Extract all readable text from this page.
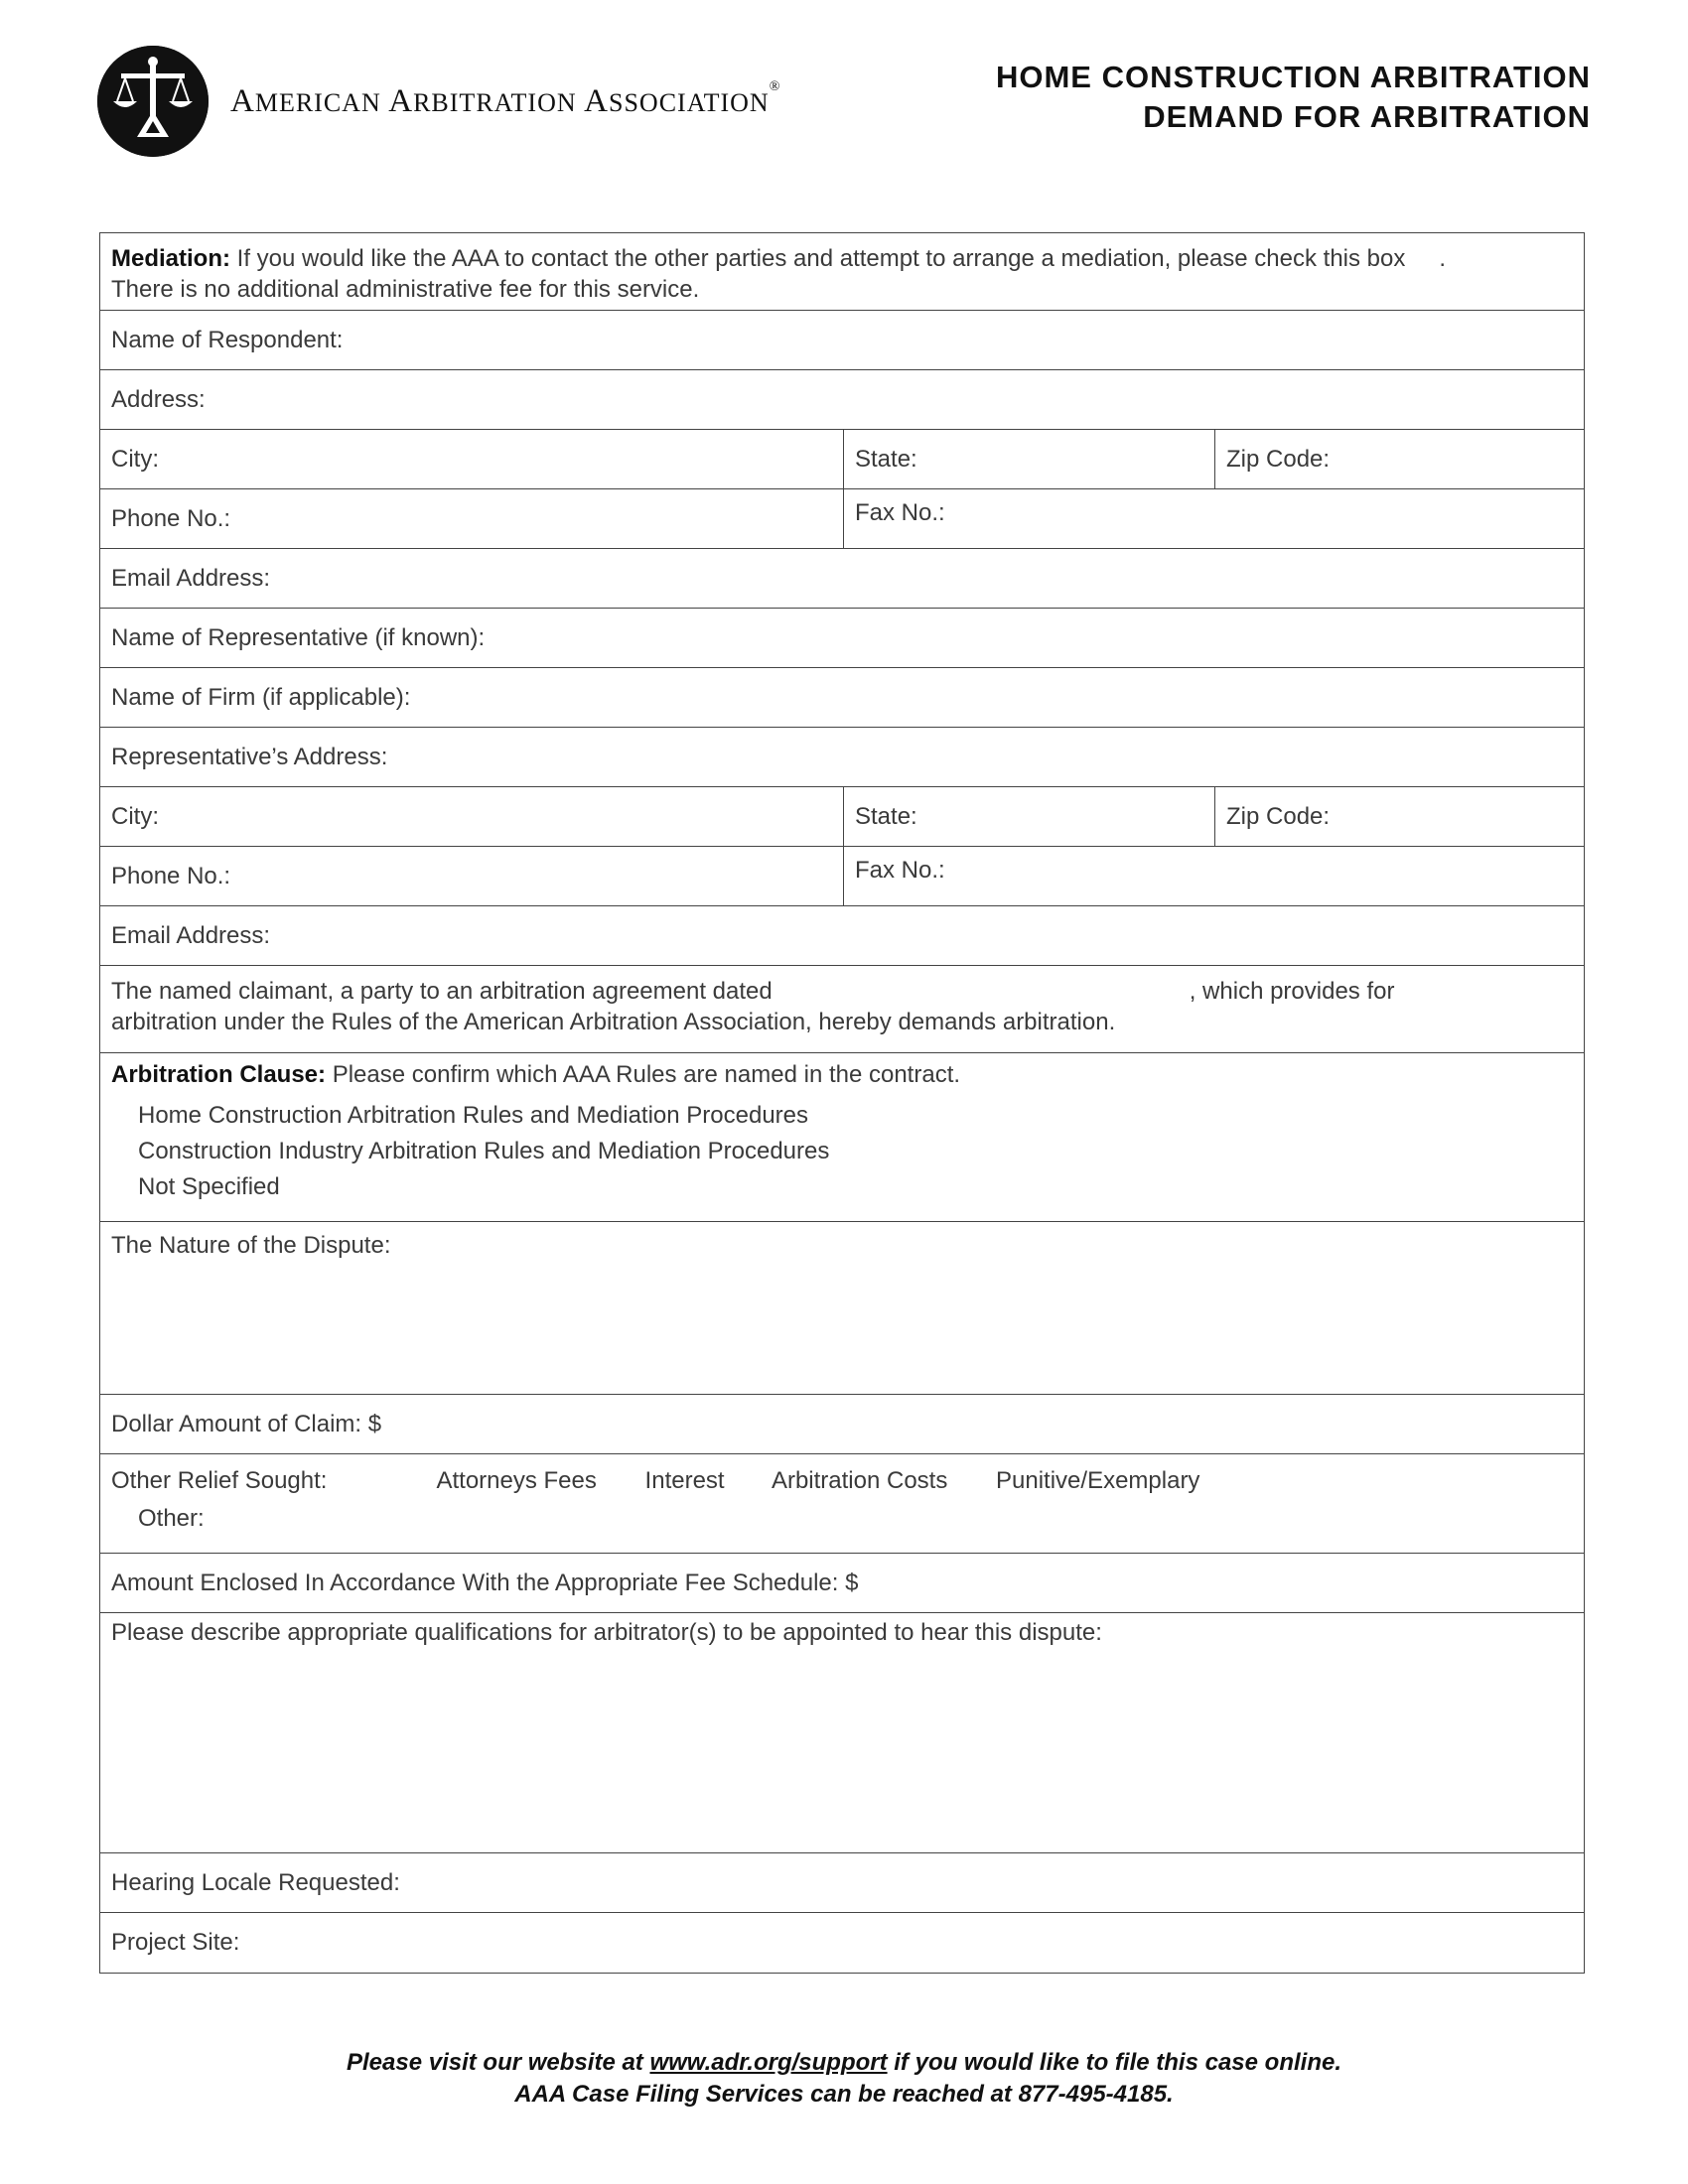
AMERICAN ARBITRATION ASSOCIATION®	HOME CONSTRUCTION ARBITRATION
DEMAND FOR ARBITRATION
Mediation: If you would like the AAA to contact the other parties and attempt to arrange a mediation, please check this box .
There is no additional administrative fee for this service.
Name of Respondent:
Address:
City:	State:	Zip Code:
Phone No.:	Fax No.:
Email Address:
Name of Representative (if known):
Name of Firm (if applicable):
Representative’s Address:
City:	State:	Zip Code:
Phone No.:	Fax No.:
Email Address:
The named claimant, a party to an arbitration agreement dated	, which provides for
arbitration under the Rules of the American Arbitration Association, hereby demands arbitration.
Arbitration Clause: Please confirm which AAA Rules are named in the contract.
Home Construction Arbitration Rules and Mediation Procedures
Construction Industry Arbitration Rules and Mediation Procedures
Not Specified
The Nature of the Dispute:
Dollar Amount of Claim: $
Other Relief Sought:	Attorneys Fees Interest Arbitration Costs Punitive/Exemplary
Other:
Amount Enclosed In Accordance With the Appropriate Fee Schedule: $
Please describe appropriate qualifications for arbitrator(s) to be appointed to hear this dispute:
Hearing Locale Requested:
Project Site:
Please visit our website at www.adr.org/support if you would like to file this case online.
AAA Case Filing Services can be reached at 877-495-4185.
